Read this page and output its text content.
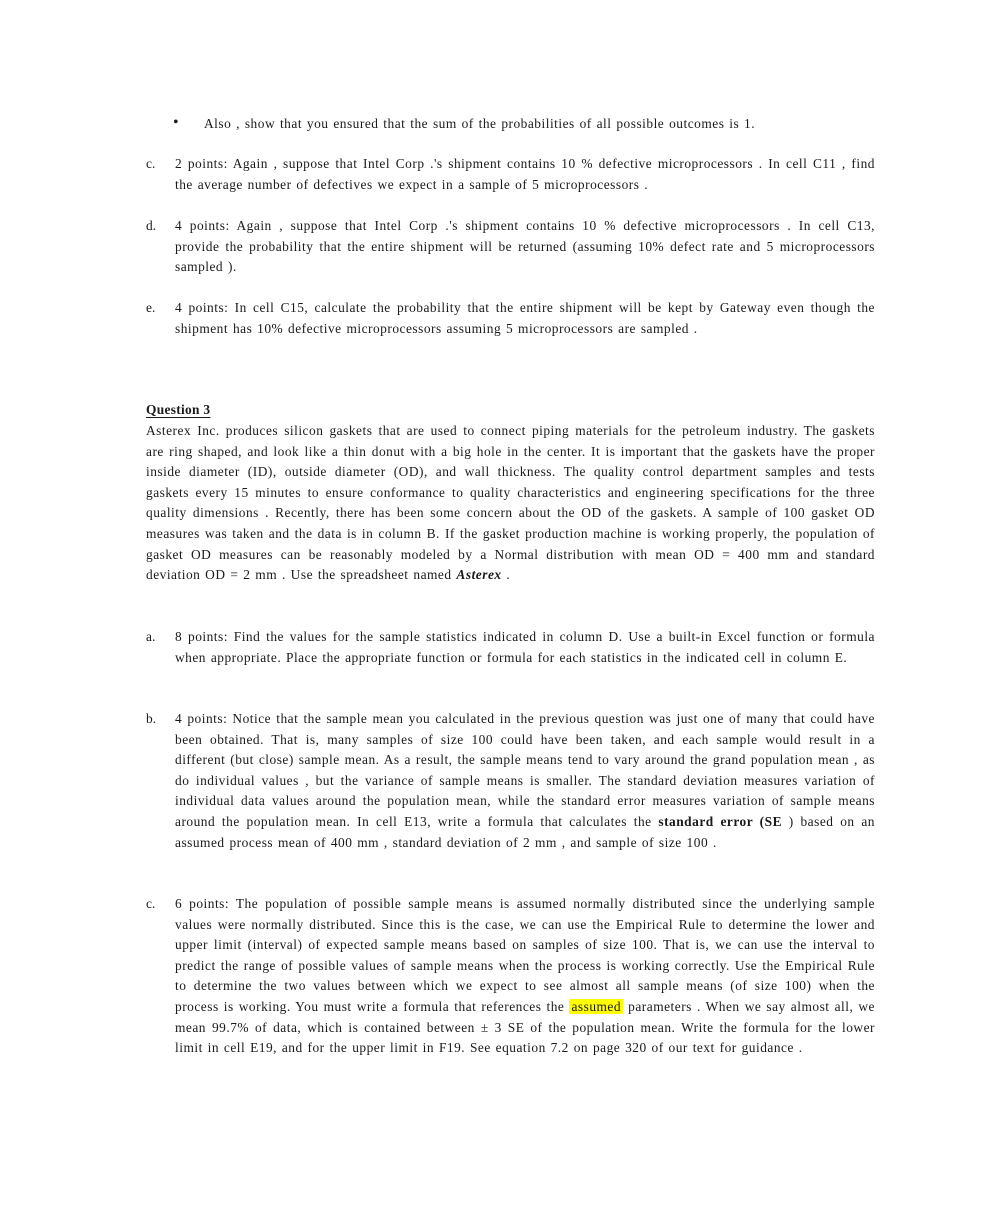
• Also , show that you ensured that the sum of the probabilities of all possible outcomes is 1.
c.	2 points: Again , suppose that Intel Corp .'s shipment contains 10 % defective microprocessors . In cell C11 , find the average number of defectives we expect in a sample of 5 microprocessors .
d.	4 points: Again , suppose that Intel Corp .'s shipment contains 10 % defective microprocessors . In cell C13, provide the probability that the entire shipment will be returned (assuming 10% defect rate and 5 microprocessors sampled ).
e.	4 points: In cell C15, calculate the probability that the entire shipment will be kept by Gateway even though the shipment has 10% defective microprocessors assuming 5 microprocessors are sampled .
Question 3
Asterex Inc. produces silicon gaskets that are used to connect piping materials for the petroleum industry. The gaskets are ring shaped, and look like a thin donut with a big hole in the center. It is important that the gaskets have the proper inside diameter (ID), outside diameter (OD), and wall thickness. The quality control department samples and tests gaskets every 15 minutes to ensure conformance to quality characteristics and engineering specifications for the three quality dimensions . Recently, there has been some concern about the OD of the gaskets. A sample of 100 gasket OD measures was taken and the data is in column B. If the gasket production machine is working properly, the population of gasket OD measures can be reasonably modeled by a Normal distribution with mean OD = 400 mm and standard deviation OD = 2 mm . Use the spreadsheet named Asterex .
a.	8 points: Find the values for the sample statistics indicated in column D. Use a built-in Excel function or formula when appropriate. Place the appropriate function or formula for each statistics in the indicated cell in column E.
b.	4 points: Notice that the sample mean you calculated in the previous question was just one of many that could have been obtained. That is, many samples of size 100 could have been taken, and each sample would result in a different (but close) sample mean. As a result, the sample means tend to vary around the grand population mean , as do individual values , but the variance of sample means is smaller. The standard deviation measures variation of individual data values around the population mean, while the standard error measures variation of sample means around the population mean. In cell E13, write a formula that calculates the standard error (SE ) based on an assumed process mean of 400 mm , standard deviation of 2 mm , and sample of size 100 .
c.	6 points: The population of possible sample means is assumed normally distributed since the underlying sample values were normally distributed. Since this is the case, we can use the Empirical Rule to determine the lower and upper limit (interval) of expected sample means based on samples of size 100. That is, we can use the interval to predict the range of possible values of sample means when the process is working correctly. Use the Empirical Rule to determine the two values between which we expect to see almost all sample means (of size 100) when the process is working. You must write a formula that references the assumed parameters . When we say almost all, we mean 99.7% of data, which is contained between ± 3 SE of the population mean. Write the formula for the lower limit in cell E19, and for the upper limit in F19. See equation 7.2 on page 320 of our text for guidance .
